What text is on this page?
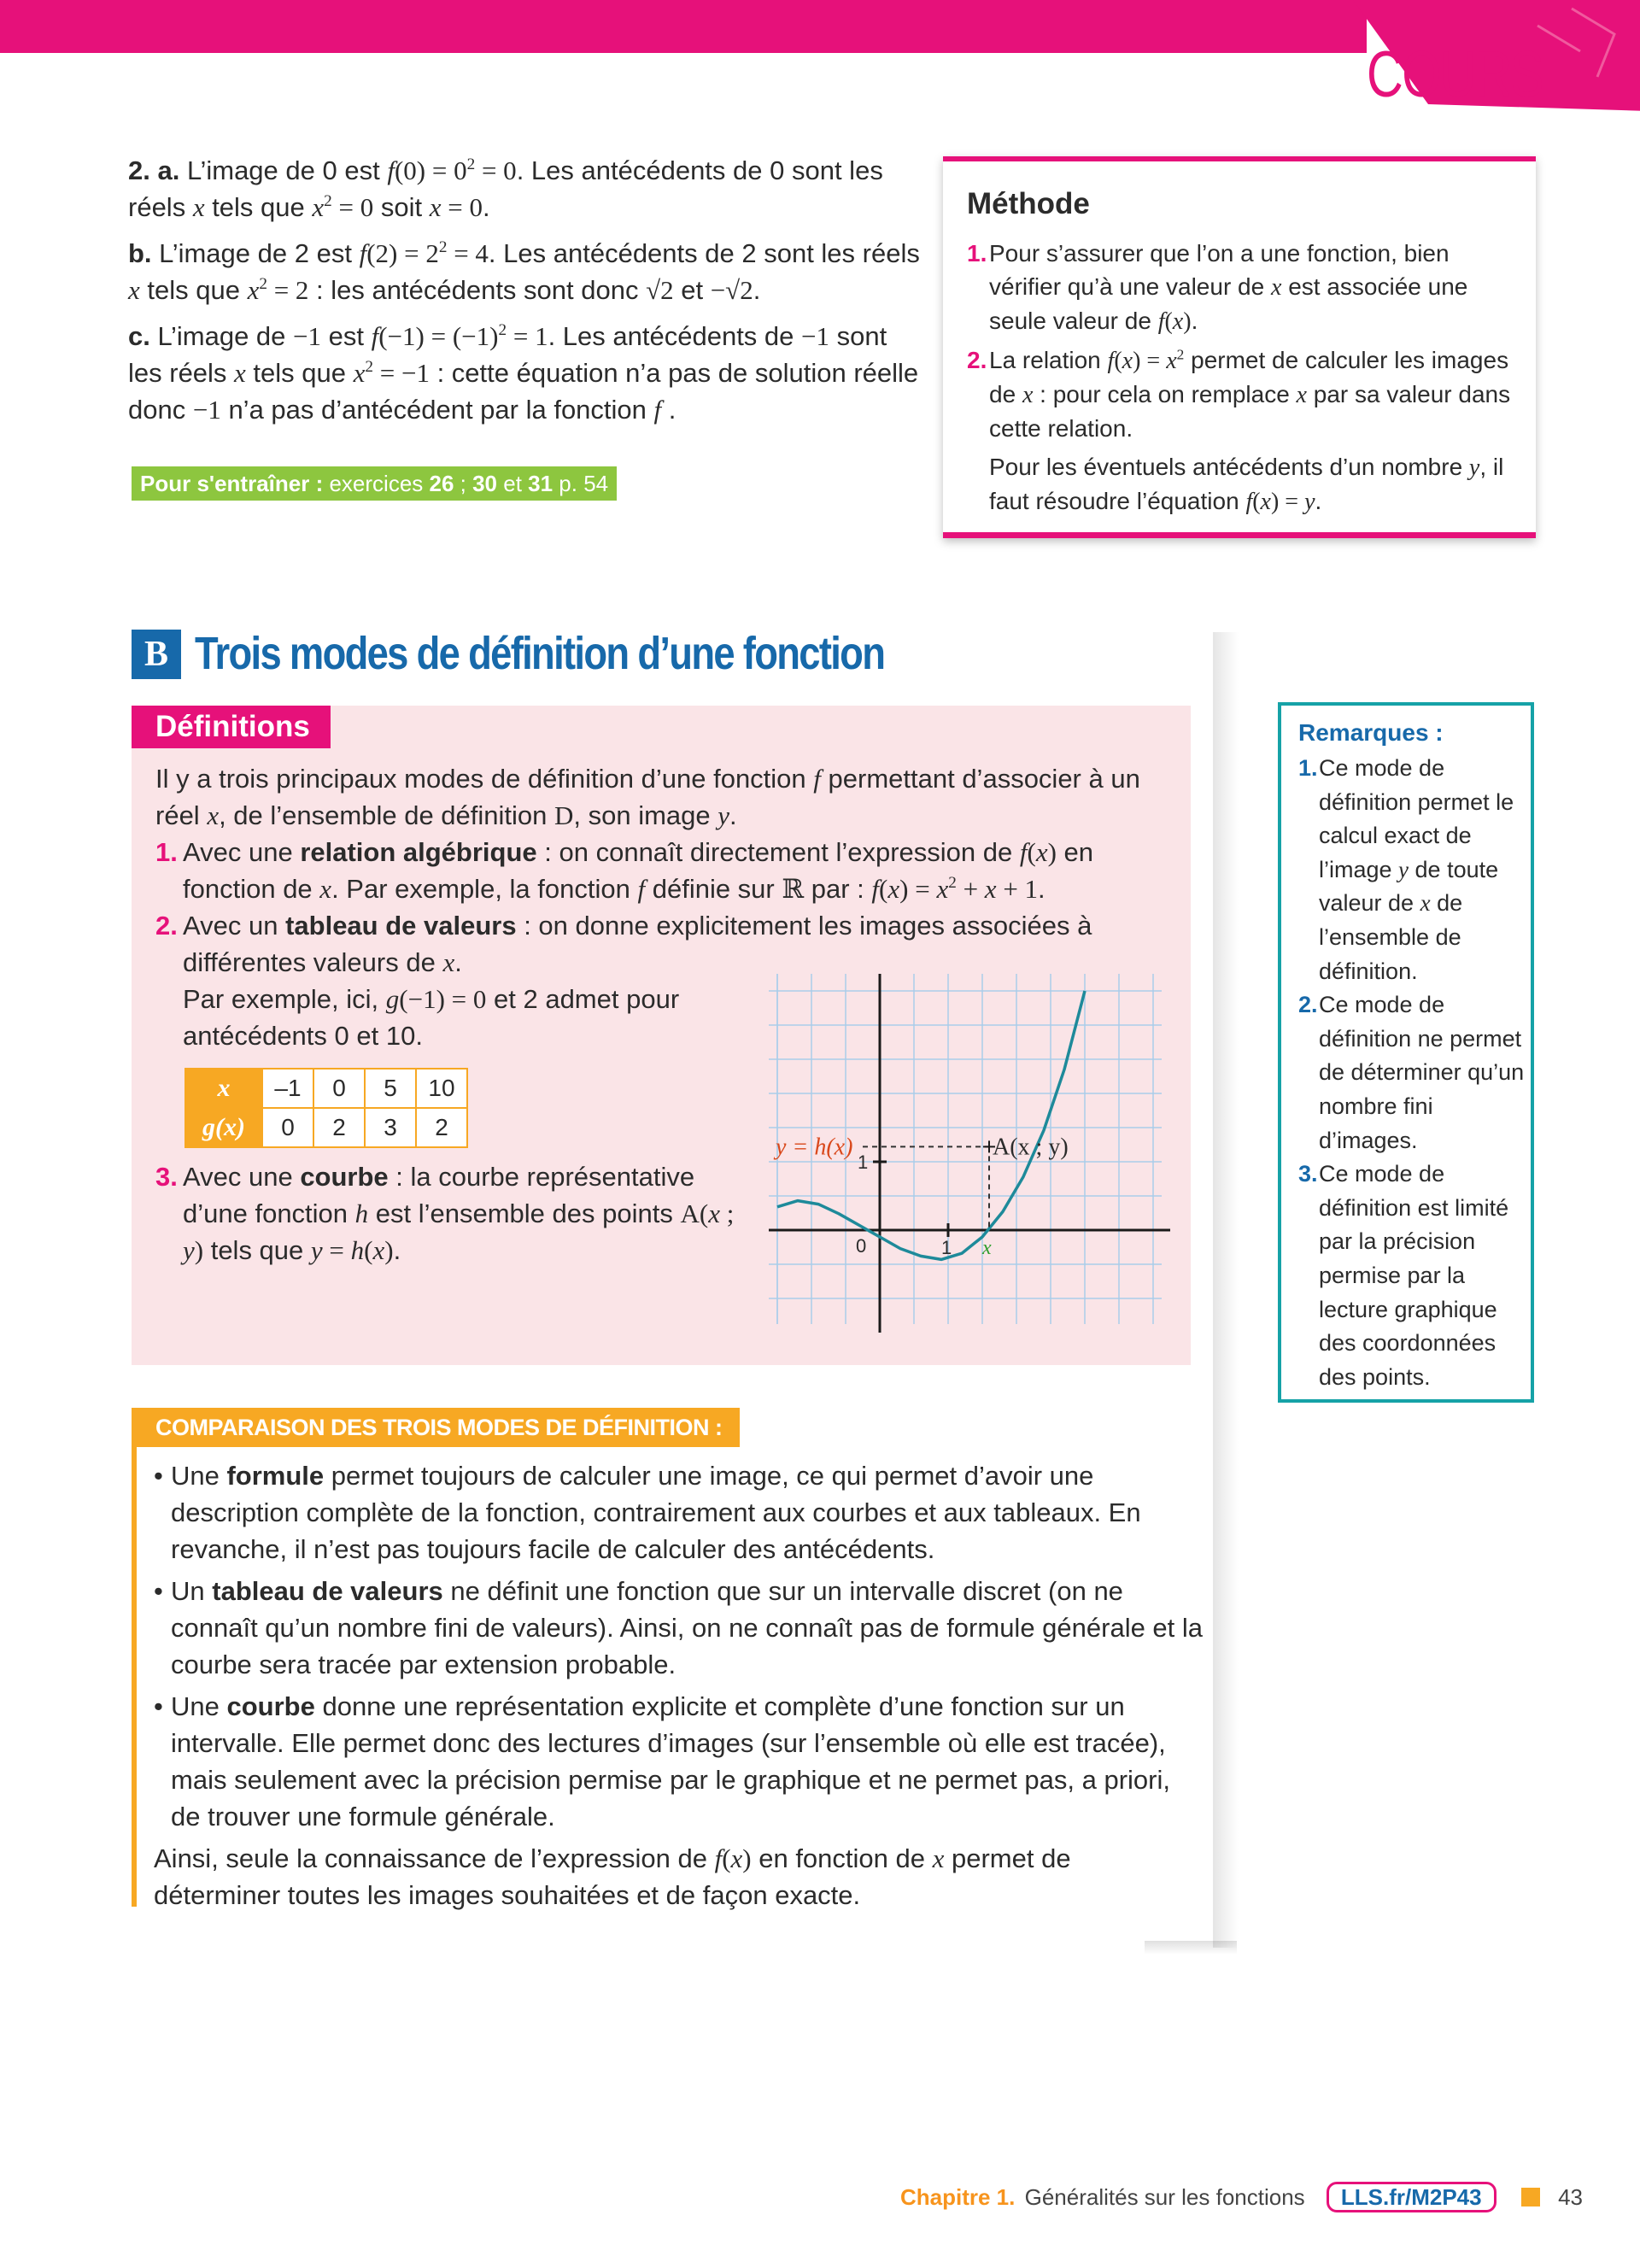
COURS

2. a. L’image de 0 est $f(0) = 0^2 = 0$. Les antécédents de 0 sont les réels x tels que $x^2 = 0$ soit x = 0.

b. L’image de 2 est $f(2) = 2^2 = 4$. Les antécédents de 2 sont les réels x tels que $x^2 = 2$ : les antécédents sont donc √2 et −√2.

c. L’image de −1 est $f(-1) = (-1)^2 = 1$. Les antécédents de −1 sont les réels x tels que $x^2 = -1$ : cette équation n’a pas de solution réelle donc −1 n’a pas d’antécédent par la fonction f .

Pour s'entraîner : exercices 26 ; 30 et 31 p. 54
Méthode
1. Pour s’assurer que l’on a une fonction, bien vérifier qu’à une valeur de x est associée une seule valeur de f(x).
2. La relation $f(x) = x^2$ permet de calculer les images de x : pour cela on remplace x par sa valeur dans cette relation.
Pour les éventuels antécédents d’un nombre y, il faut résoudre l’équation f(x) = y.
B Trois modes de définition d’une fonction
Définitions
Il y a trois principaux modes de définition d’une fonction f permettant d’associer à un réel x, de l’ensemble de définition D, son image y.
1. Avec une relation algébrique : on connaît directement l’expression de f(x) en fonction de x. Par exemple, la fonction f définie sur ℝ par : $f(x) = x^2 + x + 1$.
2. Avec un tableau de valeurs : on donne explicitement les images associées à différentes valeurs de x.
Par exemple, ici, g(−1) = 0 et 2 admet pour antécédents 0 et 10.
x	–1	0	5	10
g(x)	0	2	3	2
3. Avec une courbe : la courbe représentative d’une fonction h est l’ensemble des points A(x ; y) tels que y = h(x).	0	1
1
x
y = h(x)	A(x ; y)
Remarques :
1. Ce mode de définition permet le calcul exact de l’image y de toute valeur de x de l’ensemble de définition.
2. Ce mode de définition ne permet de déterminer qu’un nombre fini d’images.
3. Ce mode de définition est limité par la précision permise par la lecture graphique des coordonnées des points.
COMPARAISON DES TROIS MODES DE DÉFINITION :
• Une formule permet toujours de calculer une image, ce qui permet d’avoir une description complète de la fonction, contrairement aux courbes et aux tableaux. En revanche, il n’est pas toujours facile de calculer des antécédents.
• Un tableau de valeurs ne définit une fonction que sur un intervalle discret (on ne connaît qu’un nombre fini de valeurs). Ainsi, on ne connaît pas de formule générale et la courbe sera tracée par extension probable.
• Une courbe donne une représentation explicite et complète d’une fonction sur un intervalle. Elle permet donc des lectures d’images (sur l’ensemble où elle est tracée), mais seulement avec la précision permise par le graphique et ne permet pas, a priori, de trouver une formule générale.
Ainsi, seule la connaissance de l’expression de f(x) en fonction de x permet de déterminer toutes les images souhaitées et de façon exacte.
Chapitre 1. Généralités sur les fonctions LLS.fr/M2P43	43
